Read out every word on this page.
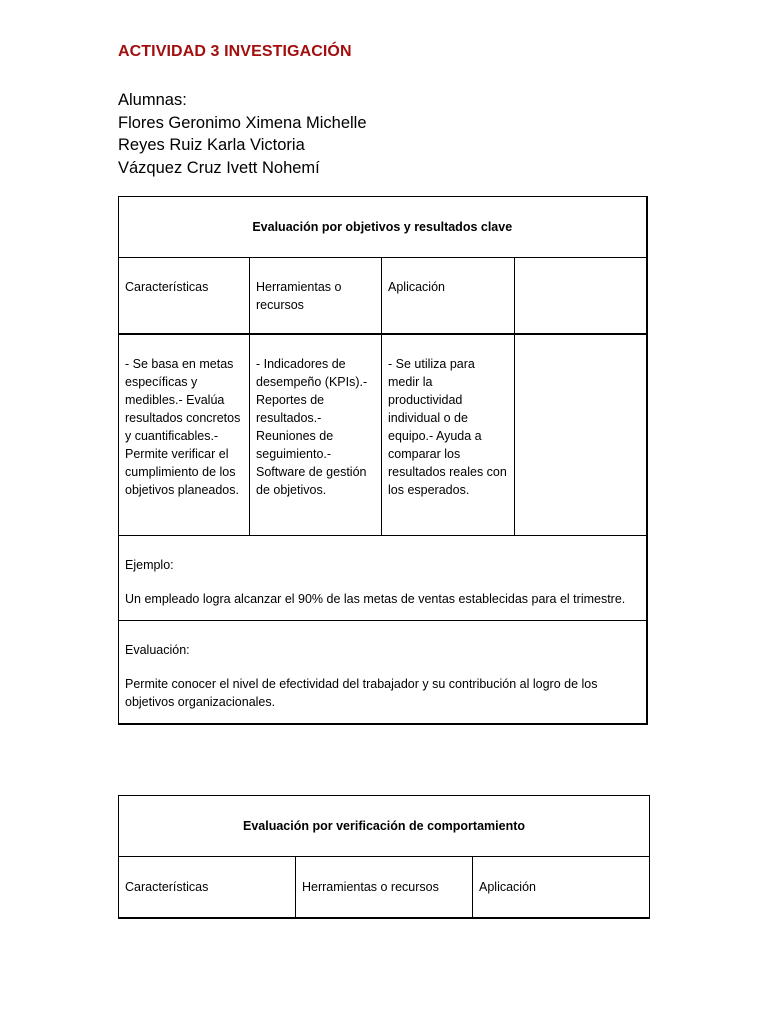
ACTIVIDAD 3 INVESTIGACIÓN
Alumnas:
Flores Geronimo Ximena Michelle
Reyes Ruiz Karla Victoria
Vázquez Cruz Ivett Nohemí
Evaluación por objetivos y resultados clave			
Características	Herramientas o recursos	Aplicación	
- Se basa en metas específicas y medibles.- Evalúa resultados concretos y cuantificables.- Permite verificar el cumplimiento de los objetivos planeados.	- Indicadores de desempeño (KPIs).- Reportes de resultados.- Reuniones de seguimiento.- Software de gestión de objetivos.	- Se utiliza para medir la productividad individual o de equipo.- Ayuda a comparar los resultados reales con los esperados.	

Ejemplo:
Un empleado logra alcanzar el 90% de las metas de ventas establecidas para el trimestre.			

Evaluación:
Permite conocer el nivel de efectividad del trabajador y su contribución al logro de los objetivos organizacionales.			
Evaluación por verificación de comportamiento
Características	Herramientas o recursos	Aplicación
